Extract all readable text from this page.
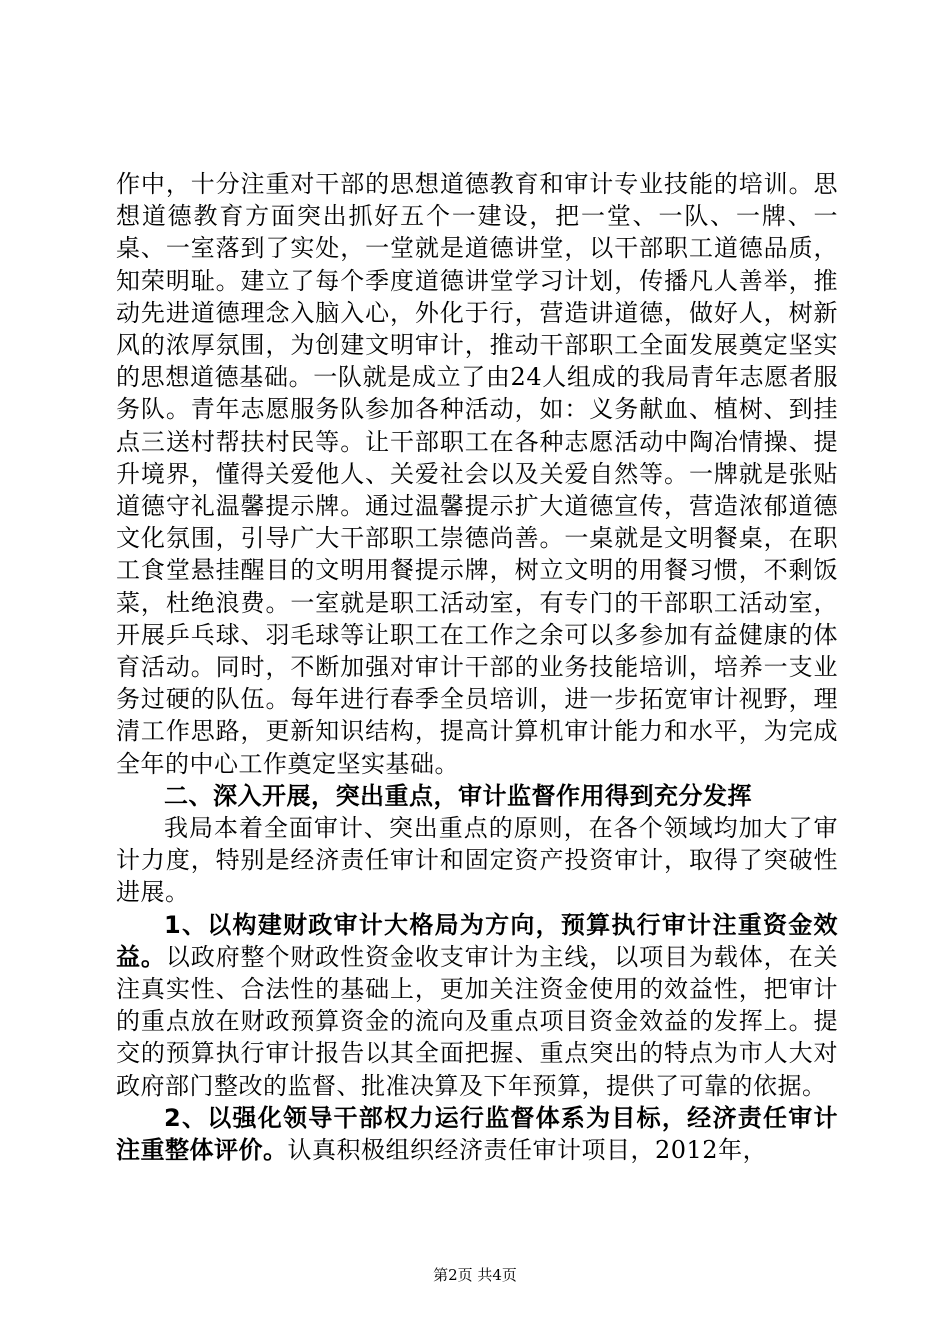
作中，十分注重对干部的思想道德教育和审计专业技能的培训。思想道德教育方面突出抓好五个一建设，把一堂、一队、一牌、一桌、一室落到了实处，一堂就是道德讲堂，以干部职工道德品质，知荣明耻。建立了每个季度道德讲堂学习计划，传播凡人善举，推动先进道德理念入脑入心，外化于行，营造讲道德，做好人，树新风的浓厚氛围，为创建文明审计，推动干部职工全面发展奠定坚实的思想道德基础。一队就是成立了由24人组成的我局青年志愿者服务队。青年志愿服务队参加各种活动，如：义务献血、植树、到挂点三送村帮扶村民等。让干部职工在各种志愿活动中陶冶情操、提升境界，懂得关爱他人、关爱社会以及关爱自然等。一牌就是张贴道德守礼温馨提示牌。通过温馨提示扩大道德宣传，营造浓郁道德文化氛围，引导广大干部职工崇德尚善。一桌就是文明餐桌，在职工食堂悬挂醒目的文明用餐提示牌，树立文明的用餐习惯，不剩饭菜，杜绝浪费。一室就是职工活动室，有专门的干部职工活动室，开展乒乓球、羽毛球等让职工在工作之余可以多参加有益健康的体育活动。同时，不断加强对审计干部的业务技能培训，培养一支业务过硬的队伍。每年进行春季全员培训，进一步拓宽审计视野，理清工作思路，更新知识结构，提高计算机审计能力和水平，为完成全年的中心工作奠定坚实基础。

二、深入开展，突出重点，审计监督作用得到充分发挥

我局本着全面审计、突出重点的原则，在各个领域均加大了审计力度，特别是经济责任审计和固定资产投资审计，取得了突破性进展。

1、以构建财政审计大格局为方向，预算执行审计注重资金效益。以政府整个财政性资金收支审计为主线，以项目为载体，在关注真实性、合法性的基础上，更加关注资金使用的效益性，把审计的重点放在财政预算资金的流向及重点项目资金效益的发挥上。提交的预算执行审计报告以其全面把握、重点突出的特点为市人大对政府部门整改的监督、批准决算及下年预算，提供了可靠的依据。

2、以强化领导干部权力运行监督体系为目标，经济责任审计注重整体评价。认真积极组织经济责任审计项目，2012年，

第2页 共4页
